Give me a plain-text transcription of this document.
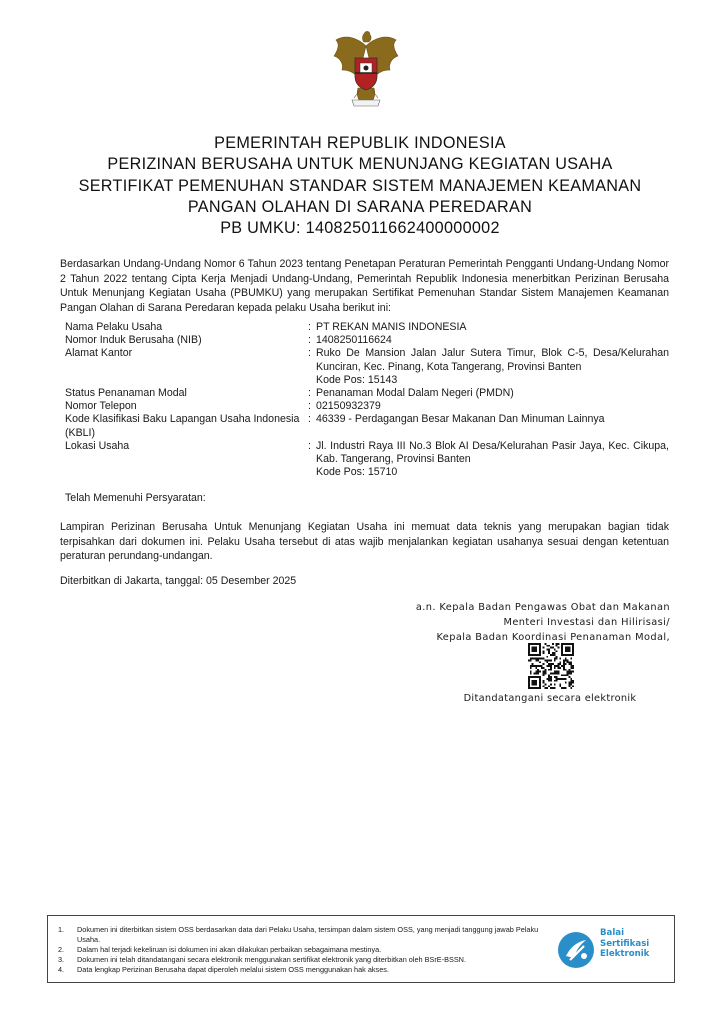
PEMERINTAH REPUBLIK INDONESIA
PERIZINAN BERUSAHA UNTUK MENUNJANG KEGIATAN USAHA
SERTIFIKAT PEMENUHAN STANDAR SISTEM MANAJEMEN KEAMANAN
PANGAN OLAHAN DI SARANA PEREDARAN
PB UMKU: 140825011662400000002
Berdasarkan Undang-Undang Nomor 6 Tahun 2023 tentang Penetapan Peraturan Pemerintah Pengganti Undang-Undang Nomor 2 Tahun 2022 tentang Cipta Kerja Menjadi Undang-Undang, Pemerintah Republik Indonesia menerbitkan Perizinan Berusaha Untuk Menunjang Kegiatan Usaha (PBUMKU) yang merupakan Sertifikat Pemenuhan Standar Sistem Manajemen Keamanan Pangan Olahan di Sarana Peredaran kepada pelaku Usaha berikut ini:
Nama Pelaku Usaha	: PT REKAN MANIS INDONESIA
Nomor Induk Berusaha (NIB)	: 1408250116624
Alamat Kantor	: Ruko De Mansion Jalan Jalur Sutera Timur, Blok C-5, Desa/Kelurahan
Kunciran, Kec. Pinang, Kota Tangerang, Provinsi Banten
Kode Pos: 15143
Status Penanaman Modal	: Penanaman Modal Dalam Negeri (PMDN)
Nomor Telepon	: 02150932379
Kode Klasifikasi Baku Lapangan Usaha Indonesia
(KBLI)
: 46339 - Perdagangan Besar Makanan Dan Minuman Lainnya
Lokasi Usaha	: Jl. Industri Raya III No.3 Blok AI Desa/Kelurahan Pasir Jaya, Kec. Cikupa,
Kab. Tangerang, Provinsi Banten
Kode Pos: 15710
Telah Memenuhi Persyaratan:
Lampiran Perizinan Berusaha Untuk Menunjang Kegiatan Usaha ini memuat data teknis yang merupakan bagian tidak terpisahkan dari dokumen ini. Pelaku Usaha tersebut di atas wajib menjalankan kegiatan usahanya sesuai dengan ketentuan peraturan perundang-undangan.
Diterbitkan di Jakarta, tanggal: 05 Desember 2025
a.n. Kepala Badan Pengawas Obat dan Makanan
Menteri Investasi dan Hilirisasi/
Kepala Badan Koordinasi Penanaman Modal,
Ditandatangani secara elektronik
1.	Dokumen ini diterbitkan sistem OSS berdasarkan data dari Pelaku Usaha, tersimpan dalam sistem OSS, yang menjadi tanggung jawab Pelaku Usaha.
2.	Dalam hal terjadi kekeliruan isi dokumen ini akan dilakukan perbaikan sebagaimana mestinya.
3.	Dokumen ini telah ditandatangani secara elektronik menggunakan sertifikat elektronik yang diterbitkan oleh BSrE-BSSN.
4.	Data lengkap Perizinan Berusaha dapat diperoleh melalui sistem OSS menggunakan hak akses.
Balai
Sertifikasi
Elektronik
